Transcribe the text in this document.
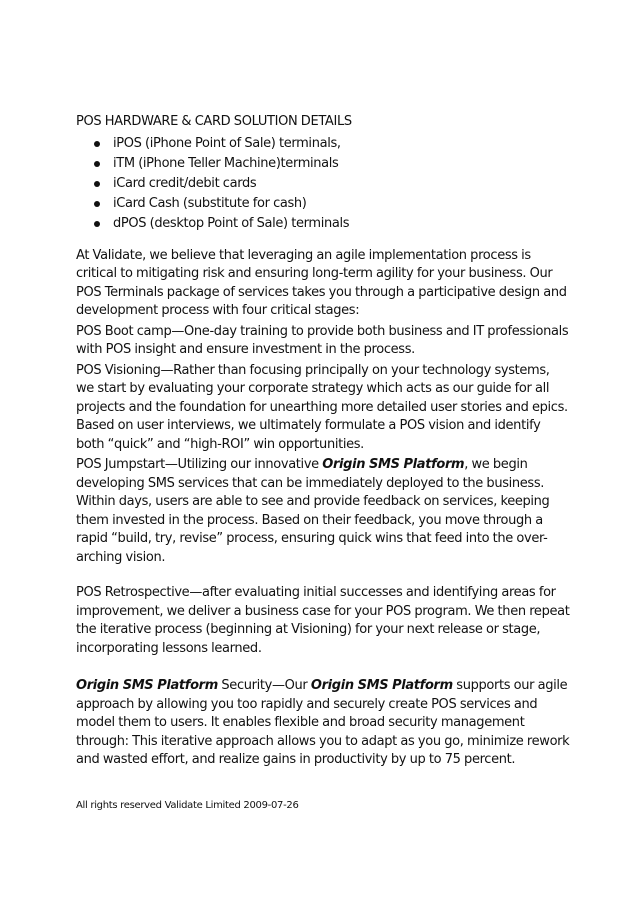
POS HARDWARE & CARD SOLUTION DETAILS

iPOS (iPhone Point of Sale) terminals,
iTM (iPhone Teller Machine)terminals
iCard credit/debit cards
iCard Cash (substitute for cash)
dPOS (desktop Point of Sale) terminals

At Validate, we believe that leveraging an agile implementation process is critical to mitigating risk and ensuring long-term agility for your business. Our POS Terminals package of services takes you through a participative design and development process with four critical stages:

POS Boot camp—One-day training to provide both business and IT professionals with POS insight and ensure investment in the process.

POS Visioning—Rather than focusing principally on your technology systems, we start by evaluating your corporate strategy which acts as our guide for all projects and the foundation for unearthing more detailed user stories and epics. Based on user interviews, we ultimately formulate a POS vision and identify both “quick” and “high-ROI” win opportunities.

POS Jumpstart—Utilizing our innovative Origin SMS Platform, we begin developing SMS services that can be immediately deployed to the business. Within days, users are able to see and provide feedback on services, keeping them invested in the process. Based on their feedback, you move through a rapid “build, try, revise” process, ensuring quick wins that feed into the over-arching vision.

POS Retrospective—after evaluating initial successes and identifying areas for improvement, we deliver a business case for your POS program. We then repeat the iterative process (beginning at Visioning) for your next release or stage, incorporating lessons learned.

Origin SMS Platform Security—Our Origin SMS Platform supports our agile approach by allowing you too rapidly and securely create POS services and model them to users. It enables flexible and broad security management through: This iterative approach allows you to adapt as you go, minimize rework and wasted effort, and realize gains in productivity by up to 75 percent.

All rights reserved Validate Limited 2009-07-26
